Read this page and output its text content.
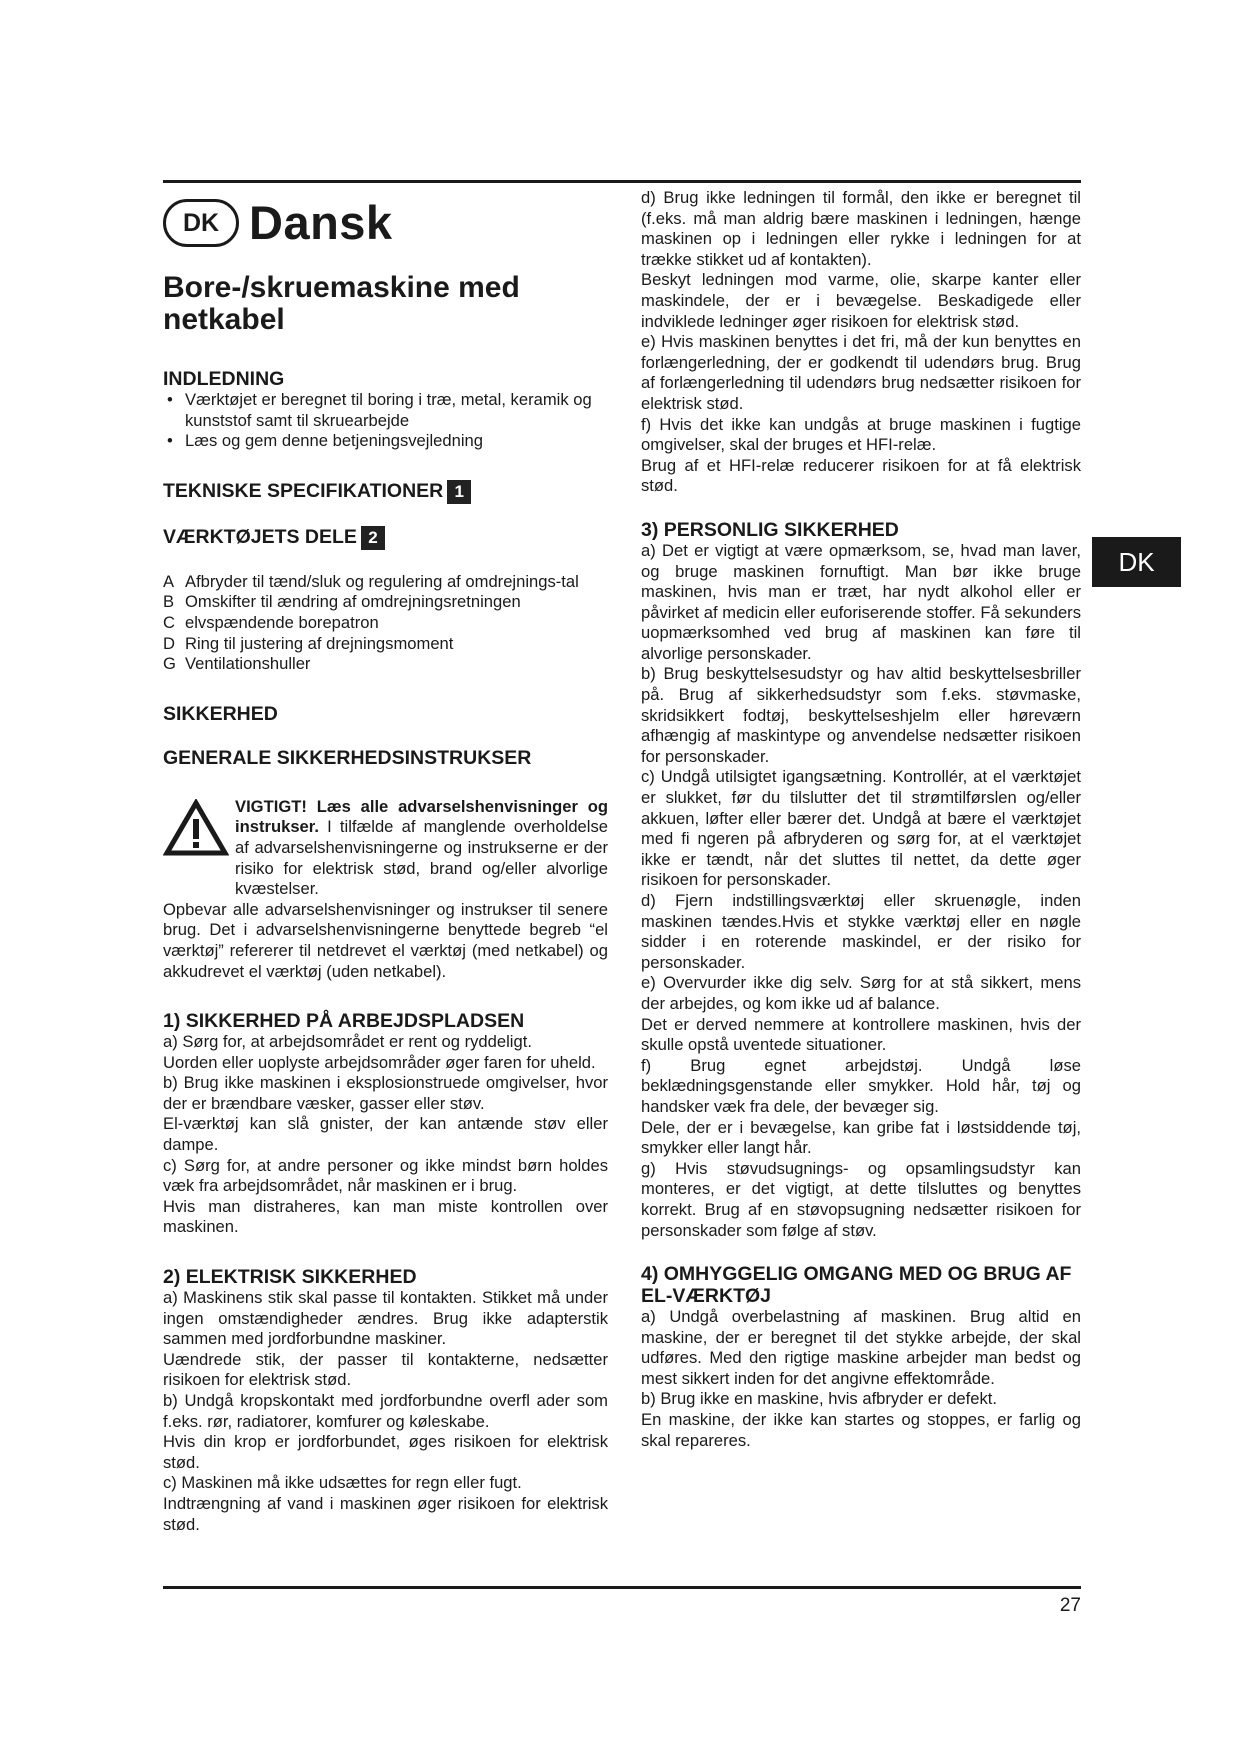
DK Dansk
Bore-/skruemaskine med netkabel
INDLEDNING
• Værktøjet er beregnet til boring i træ, metal, keramik og kunststof samt til skruearbejde
• Læs og gem denne betjeningsvejledning
TEKNISKE SPECIFIKATIONER 1
VÆRKTØJETS DELE 2
A Afbryder til tænd/sluk og regulering af omdrejnings-tal
B Omskifter til ændring af omdrejningsretningen
C elvspændende borepatron
D Ring til justering af drejningsmoment
G Ventilationshuller
SIKKERHED
GENERALE SIKKERHEDSINSTRUKSER

VIGTIGT! Læs alle advarselshenvisninger og instrukser. I tilfælde af manglende overholdelse af advarselshenvisningerne og instrukserne er der risiko for elektrisk stød, brand og/eller alvorlige kvæstelser.

Opbevar alle advarselshenvisninger og instrukser til senere brug. Det i advarselshenvisningerne benyttede begreb “el værktøj” refererer til netdrevet el værktøj (med netkabel) og akkudrevet el værktøj (uden netkabel).

1) SIKKERHED PÅ ARBEJDSPLADSEN

a) Sørg for, at arbejdsområdet er rent og ryddeligt.

Uorden eller uoplyste arbejdsområder øger faren for uheld.

b) Brug ikke maskinen i eksplosionstruede omgivelser, hvor der er brændbare væsker, gasser eller støv.

El-værktøj kan slå gnister, der kan antænde støv eller dampe.

c) Sørg for, at andre personer og ikke mindst børn holdes væk fra arbejdsområdet, når maskinen er i brug.

Hvis man distraheres, kan man miste kontrollen over maskinen.

2) ELEKTRISK SIKKERHED

a) Maskinens stik skal passe til kontakten. Stikket må under ingen omstændigheder ændres. Brug ikke adapterstik sammen med jordforbundne maskiner.

Uændrede stik, der passer til kontakterne, nedsætter risikoen for elektrisk stød.

b) Undgå kropskontakt med jordforbundne overfl ader som f.eks. rør, radiatorer, komfurer og køleskabe.

Hvis din krop er jordforbundet, øges risikoen for elektrisk stød.

c) Maskinen må ikke udsættes for regn eller fugt.

Indtrængning af vand i maskinen øger risikoen for elektrisk stød.

d) Brug ikke ledningen til formål, den ikke er beregnet til (f.eks. må man aldrig bære maskinen i ledningen, hænge maskinen op i ledningen eller rykke i ledningen for at trække stikket ud af kontakten).

Beskyt ledningen mod varme, olie, skarpe kanter eller maskindele, der er i bevægelse. Beskadigede eller indviklede ledninger øger risikoen for elektrisk stød.

e) Hvis maskinen benyttes i det fri, må der kun benyttes en forlængerledning, der er godkendt til udendørs brug. Brug af forlængerledning til udendørs brug nedsætter risikoen for elektrisk stød.

f) Hvis det ikke kan undgås at bruge maskinen i fugtige omgivelser, skal der bruges et HFI-relæ.

Brug af et HFI-relæ reducerer risikoen for at få elektrisk stød.

3) PERSONLIG SIKKERHED

a) Det er vigtigt at være opmærksom, se, hvad man laver, og bruge maskinen fornuftigt. Man bør ikke bruge maskinen, hvis man er træt, har nydt alkohol eller er påvirket af medicin eller euforiserende stoffer. Få sekunders uopmærksomhed ved brug af maskinen kan føre til alvorlige personskader.

b) Brug beskyttelsesudstyr og hav altid beskyttelsesbriller på. Brug af sikkerhedsudstyr som f.eks. støvmaske, skridsikkert fodtøj, beskyttelseshjelm eller høreværn afhængig af maskintype og anvendelse nedsætter risikoen for personskader.

c) Undgå utilsigtet igangsætning. Kontrollér, at el værktøjet er slukket, før du tilslutter det til strømtilførslen og/eller akkuen, løfter eller bærer det. Undgå at bære el værktøjet med fi ngeren på afbryderen og sørg for, at el værktøjet ikke er tændt, når det sluttes til nettet, da dette øger risikoen for personskader.

d) Fjern indstillingsværktøj eller skruenøgle, inden maskinen tændes.Hvis et stykke værktøj eller en nøgle sidder i en roterende maskindel, er der risiko for personskader.

e) Overvurder ikke dig selv. Sørg for at stå sikkert, mens der arbejdes, og kom ikke ud af balance.

Det er derved nemmere at kontrollere maskinen, hvis der skulle opstå uventede situationer.

f) Brug egnet arbejdstøj. Undgå løse beklædningsgenstande eller smykker. Hold hår, tøj og handsker væk fra dele, der bevæger sig.

Dele, der er i bevægelse, kan gribe fat i løstsiddende tøj, smykker eller langt hår.

g) Hvis støvudsugnings- og opsamlingsudstyr kan monteres, er det vigtigt, at dette tilsluttes og benyttes korrekt. Brug af en støvopsugning nedsætter risikoen for personskader som følge af støv.

4) OMHYGGELIG OMGANG MED OG BRUG AF EL-VÆRKTØJ

a) Undgå overbelastning af maskinen. Brug altid en maskine, der er beregnet til det stykke arbejde, der skal udføres. Med den rigtige maskine arbejder man bedst og mest sikkert inden for det angivne effektområde.

b) Brug ikke en maskine, hvis afbryder er defekt.

En maskine, der ikke kan startes og stoppes, er farlig og skal repareres.

DK
27
